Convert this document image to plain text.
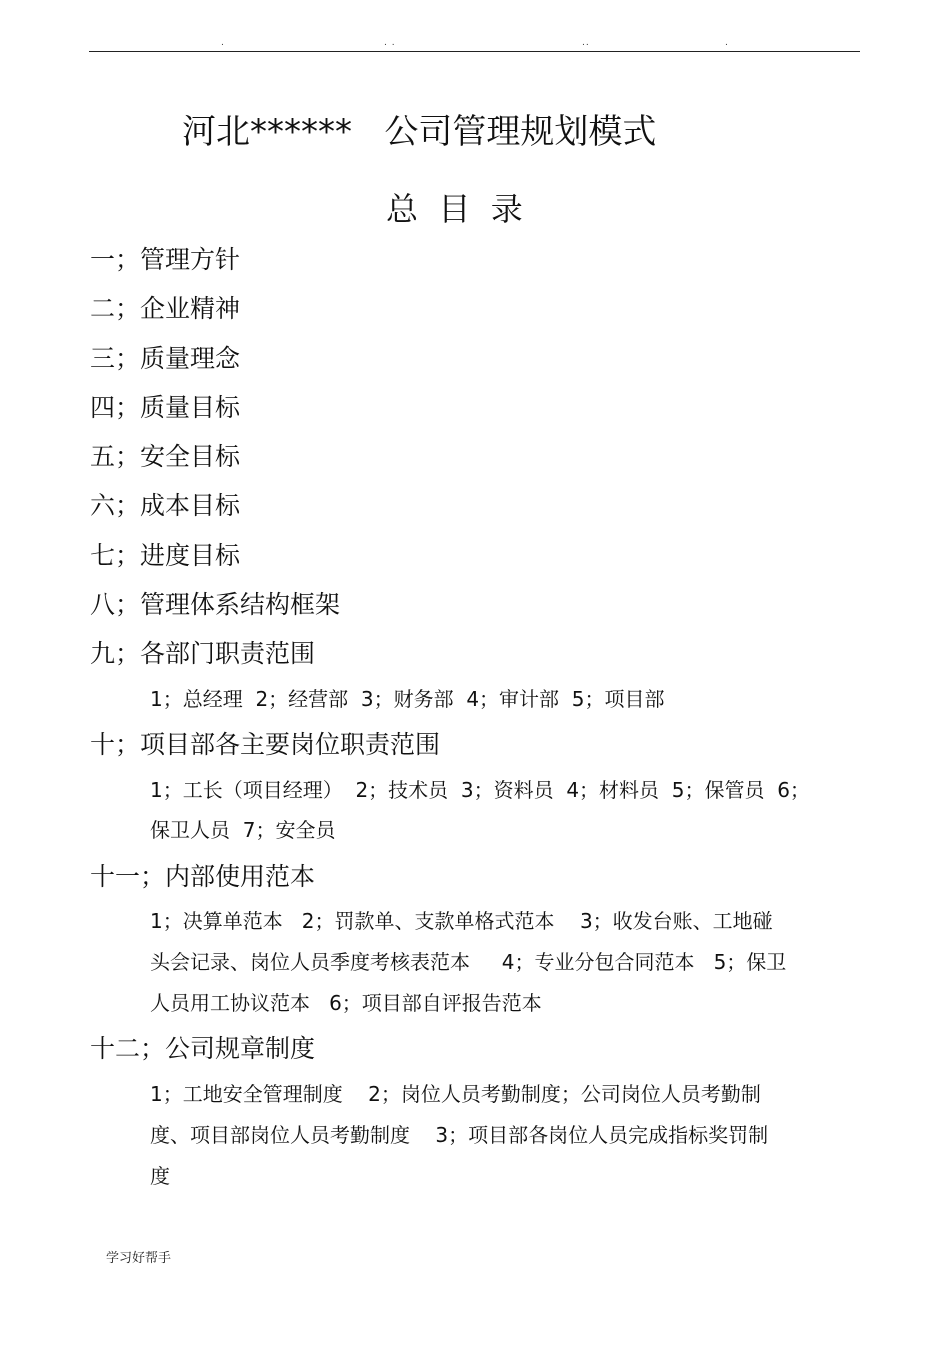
.	. .	..	.
河北******   公司管理规划模式
总  目  录
一；管理方针
二；企业精神
三；质量理念
四；质量目标
五；安全目标
六；成本目标
七；进度目标
八；管理体系结构框架
九；各部门职责范围
1；总经理  2；经营部  3；财务部  4；审计部  5；项目部
十；项目部各主要岗位职责范围
1；工长（项目经理）  2；技术员  3；资料员  4；材料员  5；保管员  6；
保卫人员  7；安全员
十一；内部使用范本
1；决算单范本   2；罚款单、支款单格式范本    3；收发台账、工地碰
头会记录、岗位人员季度考核表范本     4；专业分包合同范本   5；保卫
人员用工协议范本   6；项目部自评报告范本
十二；公司规章制度
1；工地安全管理制度    2；岗位人员考勤制度；公司岗位人员考勤制
度、项目部岗位人员考勤制度    3；项目部各岗位人员完成指标奖罚制
度
学习好帮手
